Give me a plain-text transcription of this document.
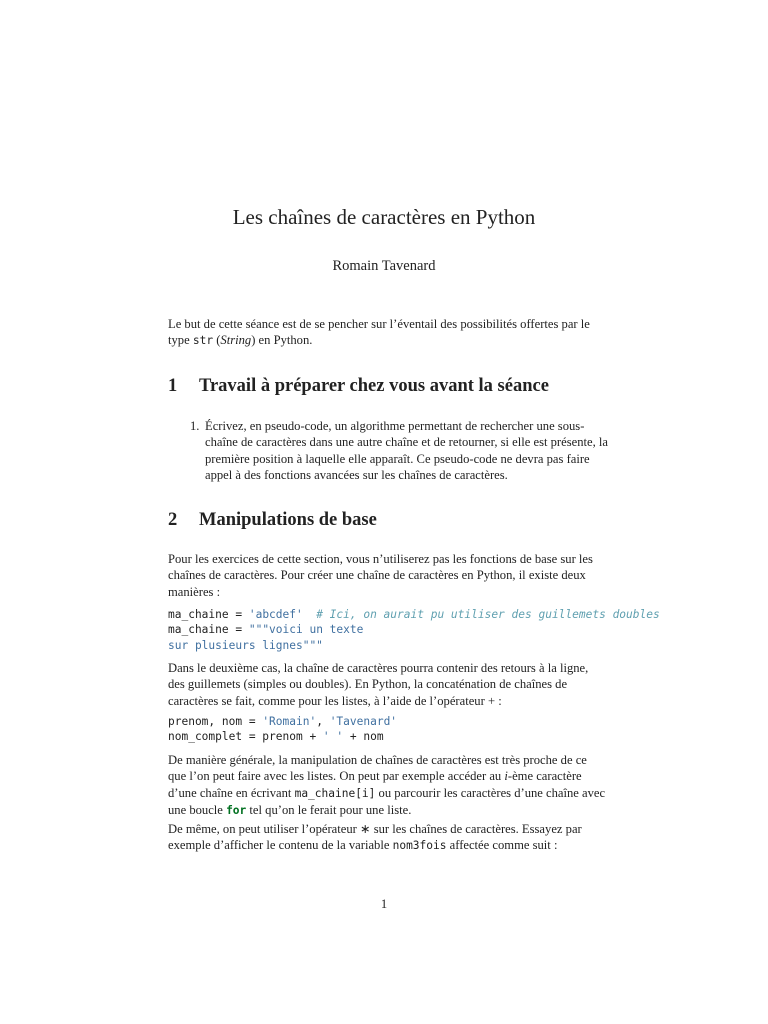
Les chaînes de caractères en Python
Romain Tavenard
Le but de cette séance est de se pencher sur l’éventail des possibilités offertes par le type str (String) en Python.
1 Travail à préparer chez vous avant la séance
1. Écrivez, en pseudo-code, un algorithme permettant de rechercher une sous-chaîne de caractères dans une autre chaîne et de retourner, si elle est présente, la première position à laquelle elle apparaît. Ce pseudo-code ne devra pas faire appel à des fonctions avancées sur les chaînes de caractères.
2 Manipulations de base
Pour les exercices de cette section, vous n’utiliserez pas les fonctions de base sur les chaînes de caractères. Pour créer une chaîne de caractères en Python, il existe deux manières :
ma_chaine = 'abcdef'  # Ici, on aurait pu utiliser des guillemets doubles
ma_chaine = """voici un texte
sur plusieurs lignes"""
Dans le deuxième cas, la chaîne de caractères pourra contenir des retours à la ligne, des guillemets (simples ou doubles). En Python, la concaténation de chaînes de caractères se fait, comme pour les listes, à l’aide de l’opérateur + :
prenom, nom = 'Romain', 'Tavenard'
nom_complet = prenom + ' ' + nom
De manière générale, la manipulation de chaînes de caractères est très proche de ce que l’on peut faire avec les listes. On peut par exemple accéder au i-ème caractère d’une chaîne en écrivant ma_chaine[i] ou parcourir les caractères d’une chaîne avec une boucle for tel qu’on le ferait pour une liste.
De même, on peut utiliser l’opérateur ∗ sur les chaînes de caractères. Essayez par exemple d’afficher le contenu de la variable nom3fois affectée comme suit :
1
